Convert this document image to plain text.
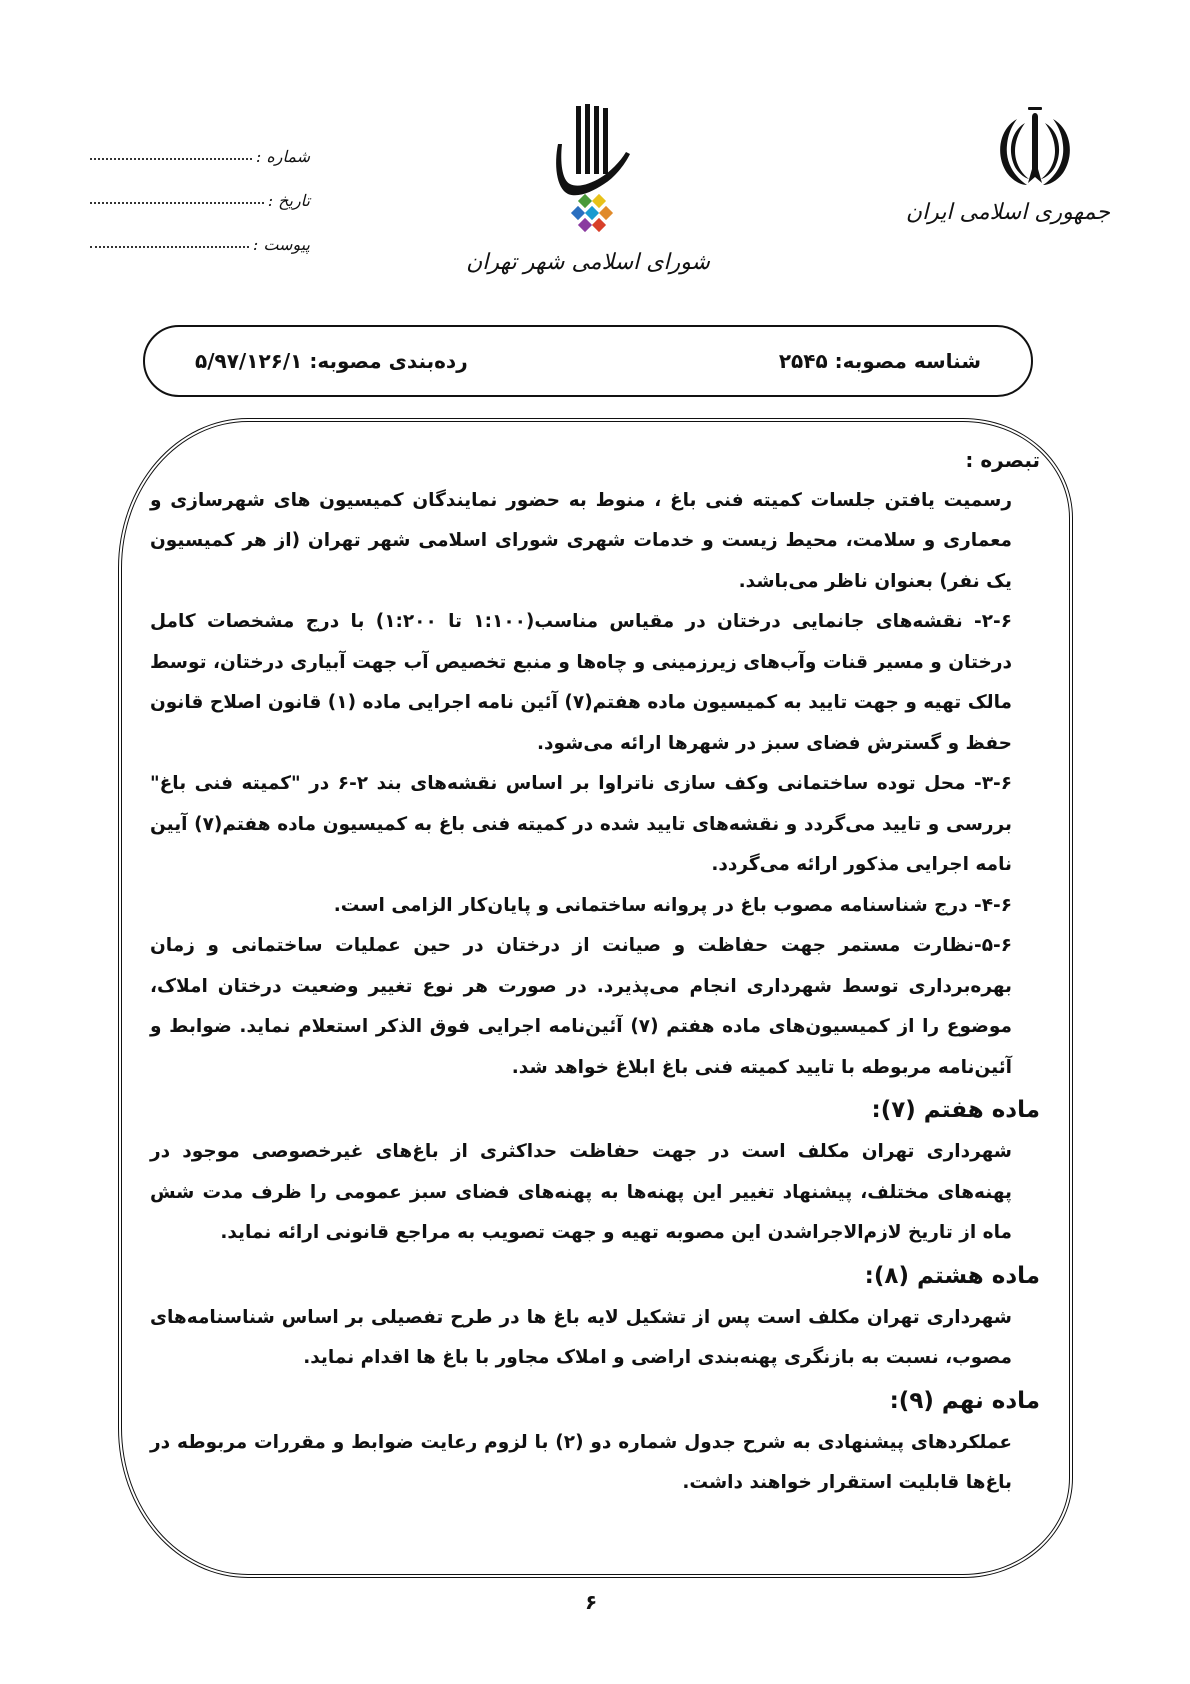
جمهوری اسلامی ایران
شورای اسلامی شهر تهران
شماره :
تاریخ :
پیوست :
شناسه مصوبه: ۲۵۴۵
رده‌بندی مصوبه: ۵/۹۷/۱۲۶/۱

تبصره :

رسمیت یافتن جلسات کمیته فنی باغ ، منوط به حضور نمایندگان کمیسیون های شهرسازی و معماری و سلامت، محیط زیست و خدمات شهری شورای اسلامی شهر تهران (از هر کمیسیون یک نفر) بعنوان ناظر می‌باشد.

۲-۶- نقشه‌های جانمایی درختان در مقیاس مناسب(۱:۱۰۰ تا ۱:۲۰۰) با درج مشخصات کامل درختان و مسیر قنات وآب‌های زیرزمینی و چاه‌ها و منبع تخصیص آب جهت آبیاری درختان، توسط مالک تهیه و جهت تایید به کمیسیون ماده هفتم(۷) آئین نامه اجرایی ماده (۱) قانون اصلاح قانون حفظ و گسترش فضای سبز در شهرها ارائه می‌شود.

۳-۶- محل توده ساختمانی وکف سازی ناتراوا بر اساس نقشه‌های بند ۲-۶ در "کمیته فنی باغ" بررسی و تایید می‌گردد و نقشه‌های تایید شده در کمیته فنی باغ به کمیسیون ماده هفتم(۷) آیین نامه اجرایی مذکور ارائه می‌گردد.

۴-۶- درج شناسنامه مصوب باغ در پروانه ساختمانی و پایان‌کار الزامی است.

۵-۶-نظارت مستمر جهت حفاظت و صیانت از درختان در حین عملیات ساختمانی و زمان بهره‌برداری توسط شهرداری انجام می‌پذیرد. در صورت هر نوع تغییر وضعیت درختان املاک، موضوع را از کمیسیون‌های ماده هفتم (۷) آئین‌نامه اجرایی فوق الذکر استعلام نماید. ضوابط و آئین‌نامه مربوطه با تایید کمیته فنی باغ ابلاغ خواهد شد.

ماده هفتم (۷):

شهرداری تهران مکلف است در جهت حفاظت حداکثری از باغ‌های غیرخصوصی موجود در پهنه‌های مختلف، پیشنهاد تغییر این پهنه‌ها به پهنه‌های فضای سبز عمومی را ظرف مدت شش ماه از تاریخ لازم‌الاجراشدن این مصوبه تهیه و جهت تصویب به مراجع قانونی ارائه نماید.

ماده هشتم (۸):

شهرداری تهران مکلف است پس از تشکیل لایه باغ ها در طرح تفصیلی بر اساس شناسنامه‌های مصوب، نسبت به بازنگری پهنه‌بندی اراضی و املاک مجاور با باغ ها اقدام نماید.

ماده نهم (۹):

عملکردهای پیشنهادی به شرح جدول شماره دو (۲) با لزوم رعایت ضوابط و مقررات مربوطه در باغ‌ها قابلیت استقرار خواهند داشت.

۶
